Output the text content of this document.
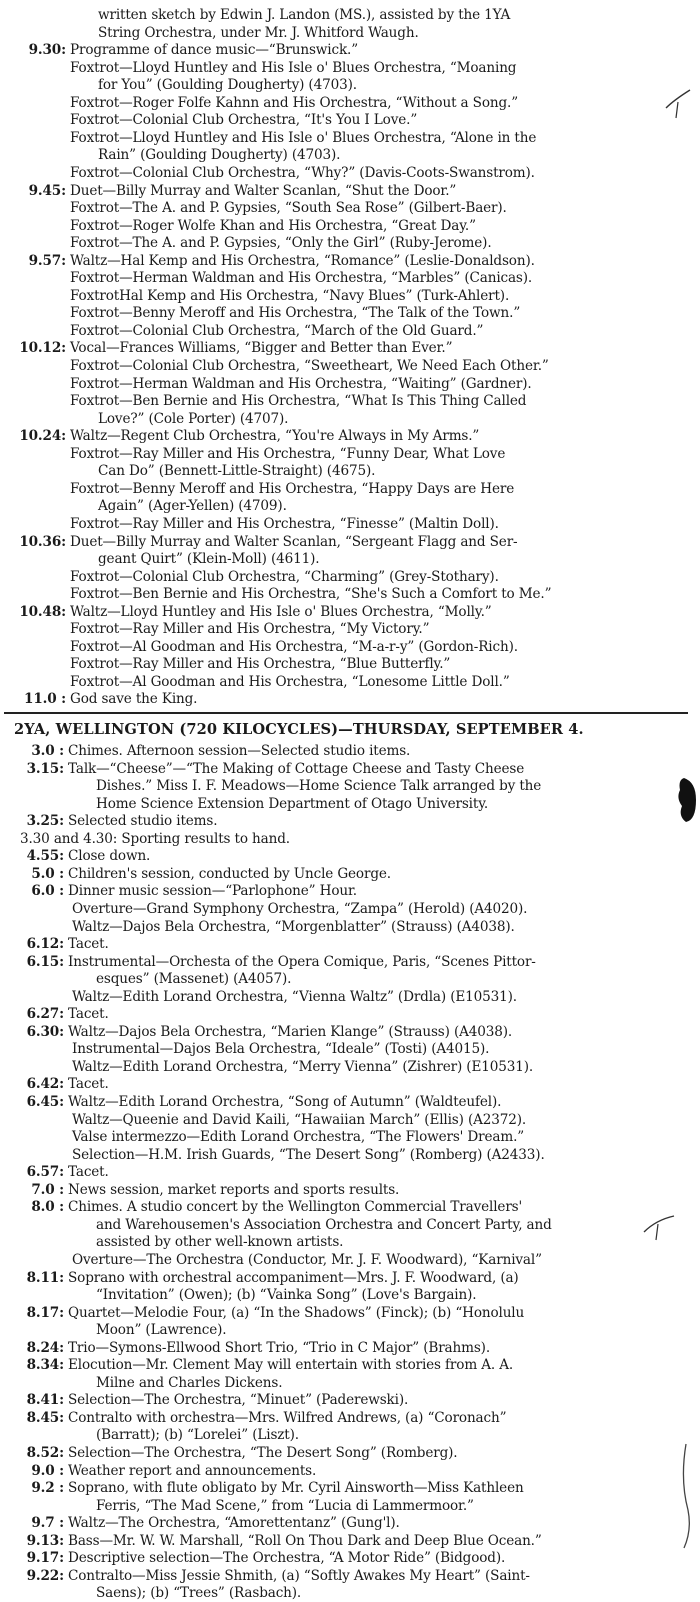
written sketch by Edwin J. Landon (MS.), assisted by the 1YA
String Orchestra, under Mr. J. Whitford Waugh.
9.30: Programme of dance music—“Brunswick.”
Foxtrot—Lloyd Huntley and His Isle o' Blues Orchestra, “Moaning
for You” (Goulding Dougherty) (4703).
Foxtrot—Roger Folfe Kahnn and His Orchestra, “Without a Song.”
Foxtrot—Colonial Club Orchestra, “It's You I Love.”
Foxtrot—Lloyd Huntley and His Isle o' Blues Orchestra, “Alone in the
Rain” (Goulding Dougherty) (4703).
Foxtrot—Colonial Club Orchestra, “Why?” (Davis-Coots-Swanstrom).
9.45: Duet—Billy Murray and Walter Scanlan, “Shut the Door.”
Foxtrot—The A. and P. Gypsies, “South Sea Rose” (Gilbert-Baer).
Foxtrot—Roger Wolfe Khan and His Orchestra, “Great Day.”
Foxtrot—The A. and P. Gypsies, “Only the Girl” (Ruby-Jerome).
9.57: Waltz—Hal Kemp and His Orchestra, “Romance” (Leslie-Donaldson).
Foxtrot—Herman Waldman and His Orchestra, “Marbles” (Canicas).
FoxtrotHal Kemp and His Orchestra, “Navy Blues” (Turk-Ahlert).
Foxtrot—Benny Meroff and His Orchestra, “The Talk of the Town.”
Foxtrot—Colonial Club Orchestra, “March of the Old Guard.”
10.12: Vocal—Frances Williams, “Bigger and Better than Ever.”
Foxtrot—Colonial Club Orchestra, “Sweetheart, We Need Each Other.”
Foxtrot—Herman Waldman and His Orchestra, “Waiting” (Gardner).
Foxtrot—Ben Bernie and His Orchestra, “What Is This Thing Called
Love?” (Cole Porter) (4707).
10.24: Waltz—Regent Club Orchestra, “You're Always in My Arms.”
Foxtrot—Ray Miller and His Orchestra, “Funny Dear, What Love
Can Do” (Bennett-Little-Straight) (4675).
Foxtrot—Benny Meroff and His Orchestra, “Happy Days are Here
Again” (Ager-Yellen) (4709).
Foxtrot—Ray Miller and His Orchestra, “Finesse” (Maltin Doll).
10.36: Duet—Billy Murray and Walter Scanlan, “Sergeant Flagg and Ser-
geant Quirt” (Klein-Moll) (4611).
Foxtrot—Colonial Club Orchestra, “Charming” (Grey-Stothary).
Foxtrot—Ben Bernie and His Orchestra, “She's Such a Comfort to Me.”
10.48: Waltz—Lloyd Huntley and His Isle o' Blues Orchestra, “Molly.”
Foxtrot—Ray Miller and His Orchestra, “My Victory.”
Foxtrot—Al Goodman and His Orchestra, “M-a-r-y” (Gordon-Rich).
Foxtrot—Ray Miller and His Orchestra, “Blue Butterfly.”
Foxtrot—Al Goodman and His Orchestra, “Lonesome Little Doll.”
11.0 : God save the King.
2YA, WELLINGTON (720 KILOCYCLES)—THURSDAY, SEPTEMBER 4.
3.0 : Chimes. Afternoon session—Selected studio items.
3.15: Talk—“Cheese”—“The Making of Cottage Cheese and Tasty Cheese
Dishes.” Miss I. F. Meadows—Home Science Talk arranged by the
Home Science Extension Department of Otago University.
3.25: Selected studio items.
3.30 and 4.30: Sporting results to hand.
4.55: Close down.
5.0 : Children's session, conducted by Uncle George.
6.0 : Dinner music session—“Parlophone” Hour.
Overture—Grand Symphony Orchestra, “Zampa” (Herold) (A4020).
Waltz—Dajos Bela Orchestra, “Morgenblatter” (Strauss) (A4038).
6.12: Tacet.
6.15: Instrumental—Orchesta of the Opera Comique, Paris, “Scenes Pittor-
esques” (Massenet) (A4057).
Waltz—Edith Lorand Orchestra, “Vienna Waltz” (Drdla) (E10531).
6.27: Tacet.
6.30: Waltz—Dajos Bela Orchestra, “Marien Klange” (Strauss) (A4038).
Instrumental—Dajos Bela Orchestra, “Ideale” (Tosti) (A4015).
Waltz—Edith Lorand Orchestra, “Merry Vienna” (Zishrer) (E10531).
6.42: Tacet.
6.45: Waltz—Edith Lorand Orchestra, “Song of Autumn” (Waldteufel).
Waltz—Queenie and David Kaili, “Hawaiian March” (Ellis) (A2372).
Valse intermezzo—Edith Lorand Orchestra, “The Flowers' Dream.”
Selection—H.M. Irish Guards, “The Desert Song” (Romberg) (A2433).
6.57: Tacet.
7.0 : News session, market reports and sports results.
8.0 : Chimes. A studio concert by the Wellington Commercial Travellers'
and Warehousemen's Association Orchestra and Concert Party, and
assisted by other well-known artists.
Overture—The Orchestra (Conductor, Mr. J. F. Woodward), “Karnival”
8.11: Soprano with orchestral accompaniment—Mrs. J. F. Woodward, (a)
“Invitation” (Owen); (b) “Vainka Song” (Love's Bargain).
8.17: Quartet—Melodie Four, (a) “In the Shadows” (Finck); (b) “Honolulu
Moon” (Lawrence).
8.24: Trio—Symons-Ellwood Short Trio, “Trio in C Major” (Brahms).
8.34: Elocution—Mr. Clement May will entertain with stories from A. A.
Milne and Charles Dickens.
8.41: Selection—The Orchestra, “Minuet” (Paderewski).
8.45: Contralto with orchestra—Mrs. Wilfred Andrews, (a) “Coronach”
(Barratt); (b) “Lorelei” (Liszt).
8.52: Selection—The Orchestra, “The Desert Song” (Romberg).
9.0 : Weather report and announcements.
9.2 : Soprano, with flute obligato by Mr. Cyril Ainsworth—Miss Kathleen
Ferris, “The Mad Scene,” from “Lucia di Lammermoor.”
9.7 : Waltz—The Orchestra, “Amorettentanz” (Gung'l).
9.13: Bass—Mr. W. W. Marshall, “Roll On Thou Dark and Deep Blue Ocean.”
9.17: Descriptive selection—The Orchestra, “A Motor Ride” (Bidgood).
9.22: Contralto—Miss Jessie Shmith, (a) “Softly Awakes My Heart” (Saint-
Saens); (b) “Trees” (Rasbach).
